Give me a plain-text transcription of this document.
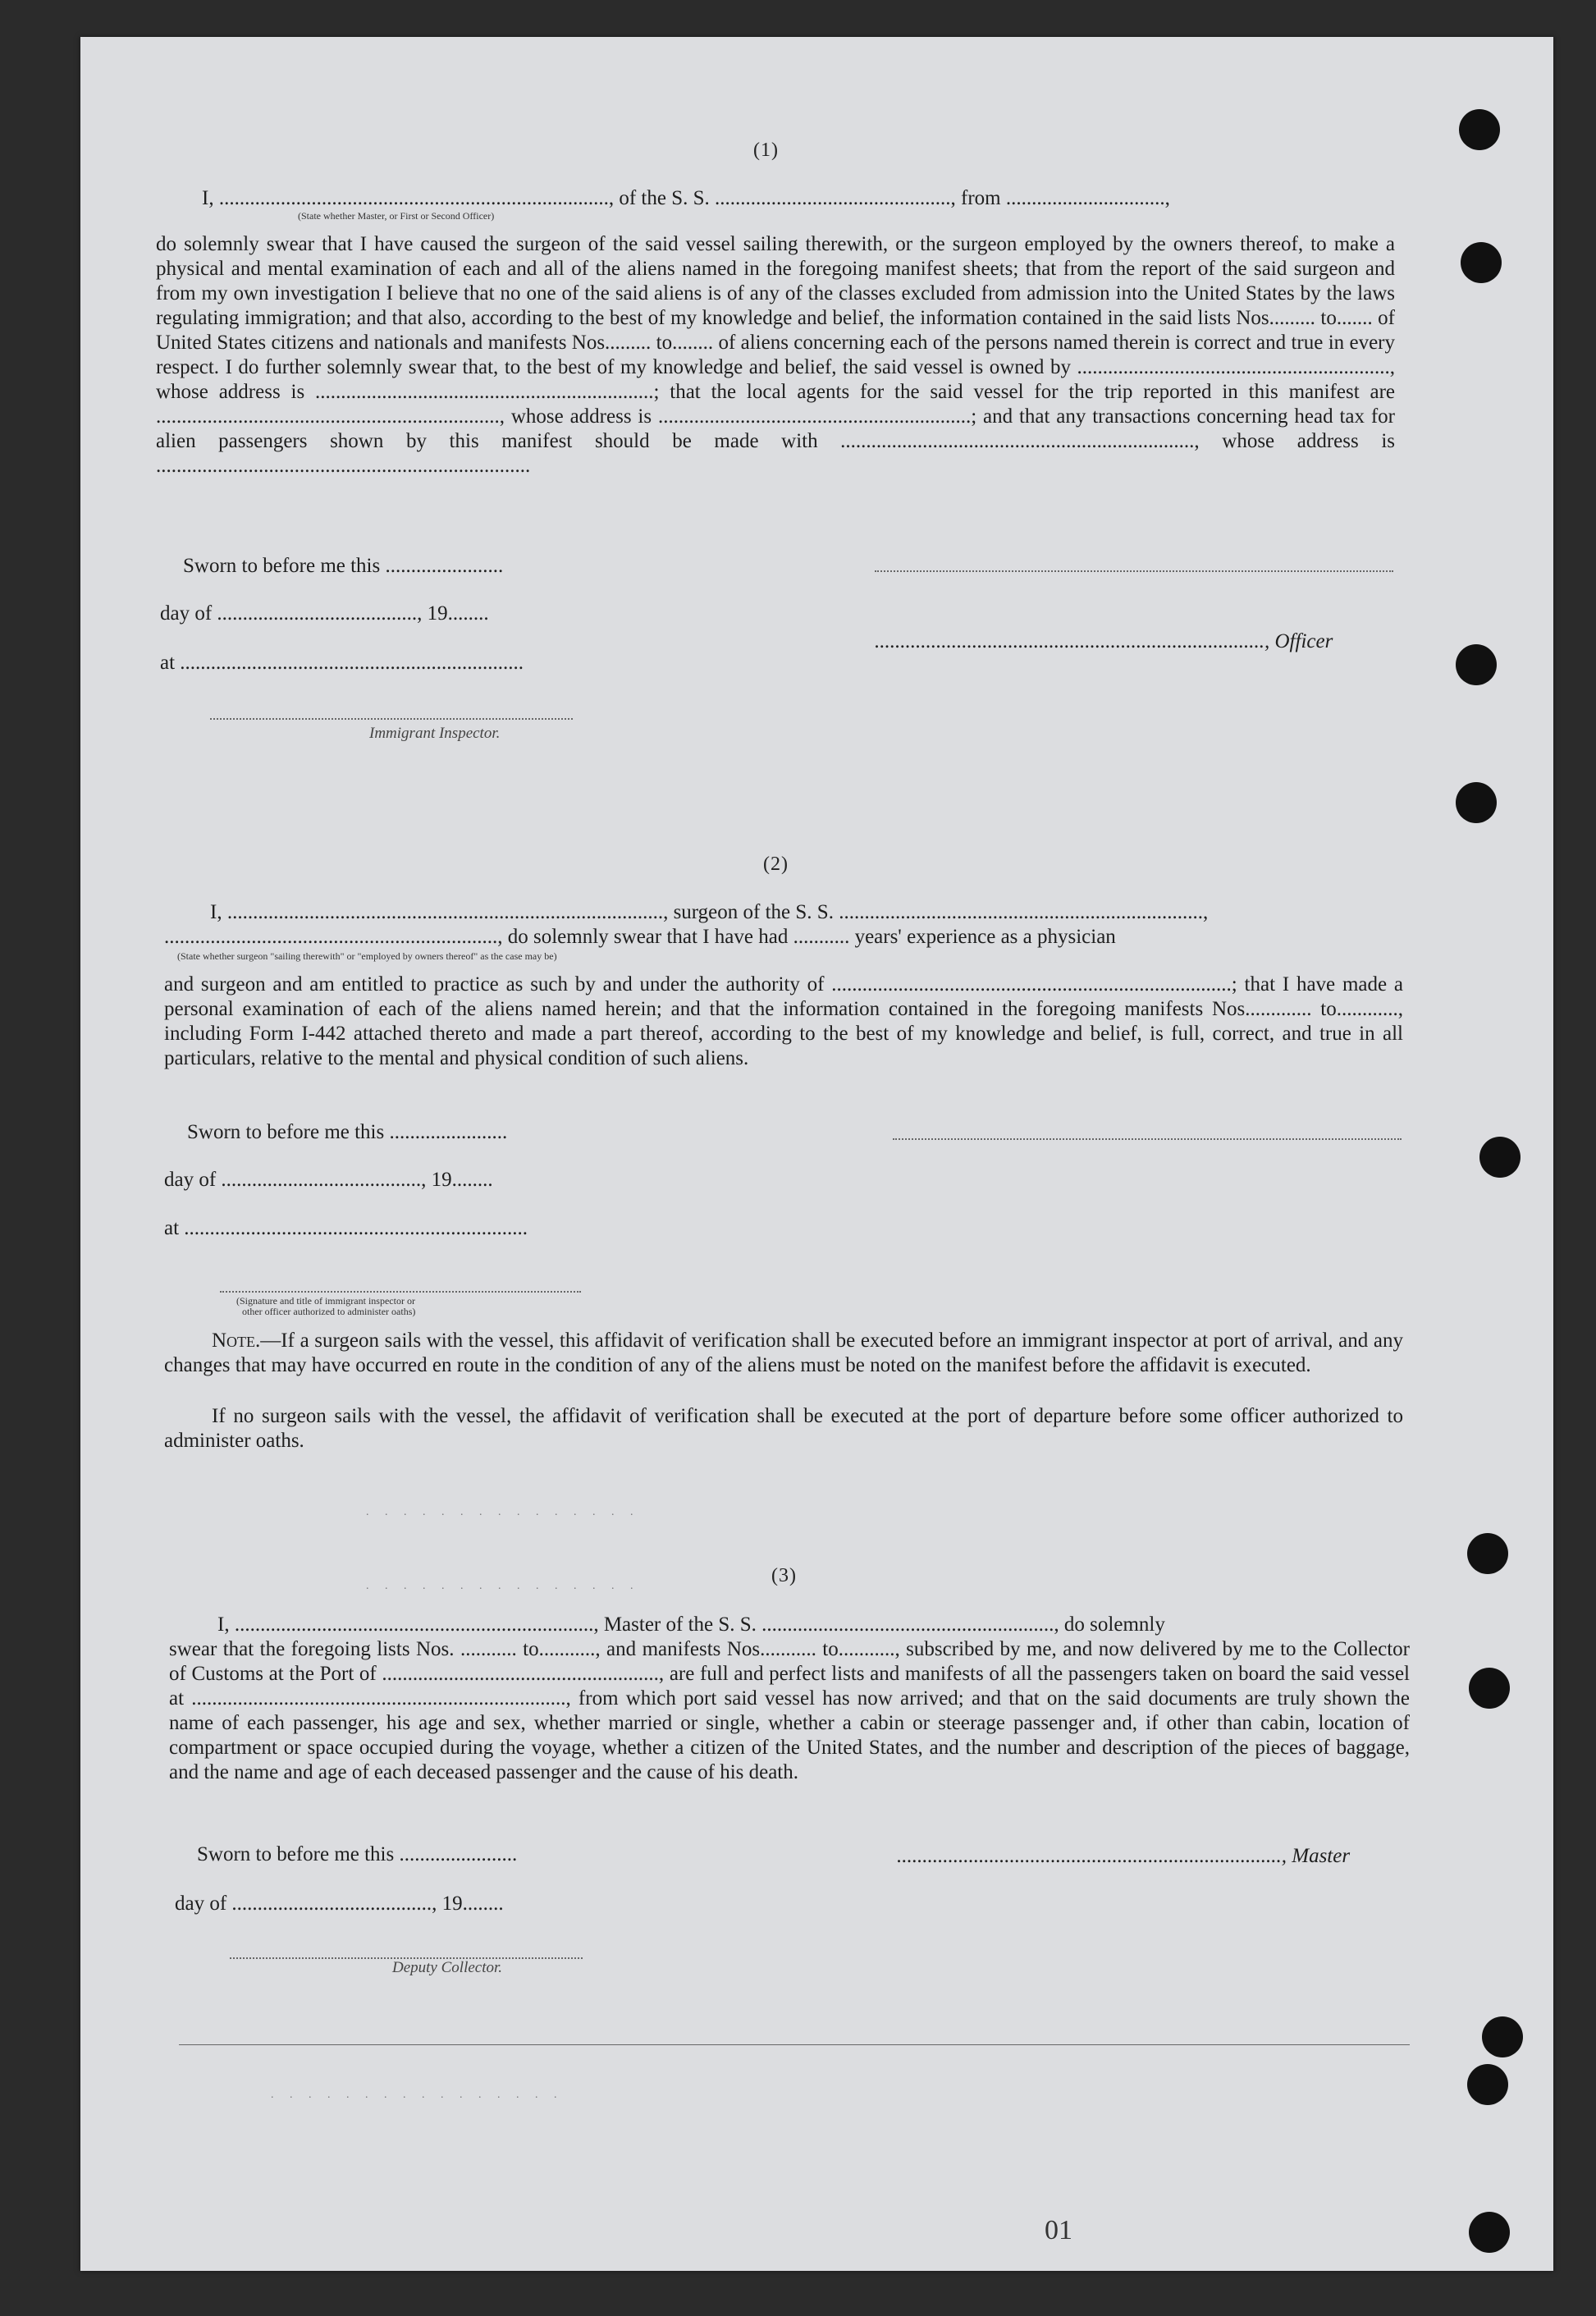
(1)
I, ............................................................................, of the S. S. .............................................., from ...............................,
(State whether Master, or First or Second Officer)
do solemnly swear that I have caused the surgeon of the said vessel sailing therewith, or the surgeon employed by the owners thereof, to make a physical and mental examination of each and all of the aliens named in the foregoing manifest sheets; that from the report of the said surgeon and from my own investigation I believe that no one of the said aliens is of any of the classes excluded from admission into the United States by the laws regulating immigration; and that also, according to the best of my knowledge and belief, the information contained in the said lists Nos......... to....... of United States citizens and nationals and manifests Nos......... to........ of aliens concerning each of the persons named therein is correct and true in every respect. I do further solemnly swear that, to the best of my knowledge and belief, the said vessel is owned by ............................................................., whose address is ..................................................................; that the local agents for the said vessel for the trip reported in this manifest are ..................................................................., whose address is .............................................................; and that any transactions concerning head tax for alien passengers shown by this manifest should be made with ....................................................................., whose address is .........................................................................
Sworn to before me this .......................
day of ......................................., 19........
............................................................................, Officer
at ...................................................................
Immigrant Inspector.
(2)
I, ....................................................................................., surgeon of the S. S. .......................................................................,
................................................................., do solemnly swear that I have had ........... years' experience as a physician
(State whether surgeon "sailing therewith" or "employed by owners thereof" as the case may be)
and surgeon and am entitled to practice as such by and under the authority of ..............................................................................; that I have made a personal examination of each of the aliens named herein; and that the information contained in the foregoing manifests Nos............. to............, including Form I-442 attached thereto and made a part thereof, according to the best of my knowledge and belief, is full, correct, and true in all particulars, relative to the mental and physical condition of such aliens.
Sworn to before me this .......................
day of ......................................., 19........
at ...................................................................
(Signature and title of immigrant inspector or
other officer authorized to administer oaths)
Note.—If a surgeon sails with the vessel, this affidavit of verification shall be executed before an immigrant inspector at port of arrival, and any changes that may have occurred en route in the condition of any of the aliens must be noted on the manifest before the affidavit is executed.
If no surgeon sails with the vessel, the affidavit of verification shall be executed at the port of departure before some officer authorized to administer oaths.
. . . . . . . . . . . . . . .
. . . . . . . . . . . . . . .	(3)
I, ......................................................................, Master of the S. S. ........................................................., do solemnly
swear that the foregoing lists Nos. ........... to..........., and manifests Nos........... to..........., subscribed by me, and now delivered by me to the Collector of Customs at the Port of ......................................................, are full and perfect lists and manifests of all the passengers taken on board the said vessel at ........................................................................., from which port said vessel has now arrived; and that on the said documents are truly shown the name of each passenger, his age and sex, whether married or single, whether a cabin or steerage passenger and, if other than cabin, location of compartment or space occupied during the voyage, whether a citizen of the United States, and the number and description of the pieces of baggage, and the name and age of each deceased passenger and the cause of his death.
Sworn to before me this .......................	..........................................................................., Master
day of ......................................., 19........
Deputy Collector.
. . . . . . . . . . . . . . . .
01
